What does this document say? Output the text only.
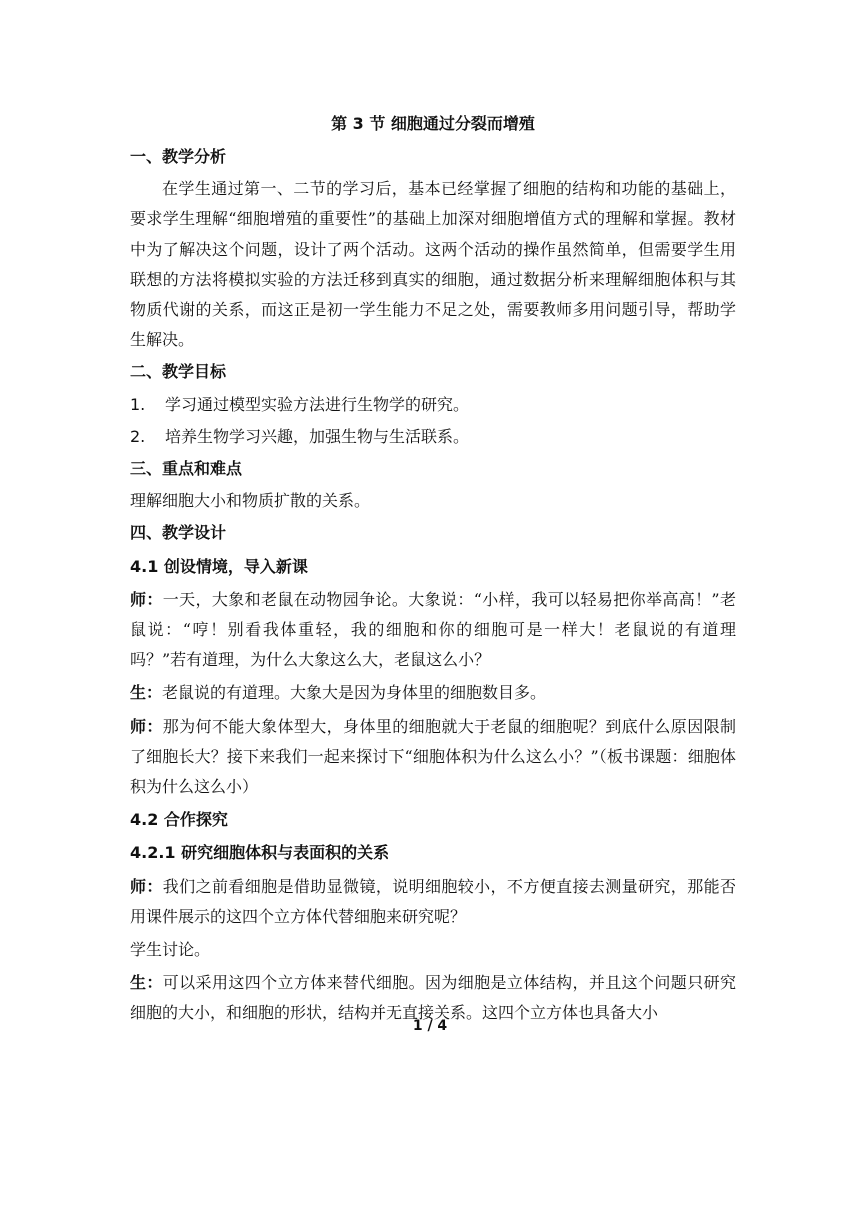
第 3 节 细胞通过分裂而增殖
一、教学分析

在学生通过第一、二节的学习后，基本已经掌握了细胞的结构和功能的基础上，要求学生理解“细胞增殖的重要性”的基础上加深对细胞增值方式的理解和掌握。教材中为了解决这个问题，设计了两个活动。这两个活动的操作虽然简单，但需要学生用联想的方法将模拟实验的方法迁移到真实的细胞，通过数据分析来理解细胞体积与其物质代谢的关系，而这正是初一学生能力不足之处，需要教师多用问题引导，帮助学生解决。

二、教学目标
1.	学习通过模型实验方法进行生物学的研究。
2.	培养生物学习兴趣，加强生物与生活联系。
三、重点和难点

理解细胞大小和物质扩散的关系。

四、教学设计
4.1 创设情境，导入新课

师：一天，大象和老鼠在动物园争论。大象说：“小样，我可以轻易把你举高高！”老鼠说：“哼！别看我体重轻，我的细胞和你的细胞可是一样大！老鼠说的有道理吗？”若有道理，为什么大象这么大，老鼠这么小？

生：老鼠说的有道理。大象大是因为身体里的细胞数目多。

师：那为何不能大象体型大，身体里的细胞就大于老鼠的细胞呢？到底什么原因限制了细胞长大？接下来我们一起来探讨下“细胞体积为什么这么小？”（板书课题：细胞体积为什么这么小）

4.2 合作探究
4.2.1 研究细胞体积与表面积的关系

师：我们之前看细胞是借助显微镜，说明细胞较小，不方便直接去测量研究，那能否用课件展示的这四个立方体代替细胞来研究呢？

学生讨论。

生：可以采用这四个立方体来替代细胞。因为细胞是立体结构，并且这个问题只研究细胞的大小，和细胞的形状，结构并无直接关系。这四个立方体也具备大小

1 / 4
